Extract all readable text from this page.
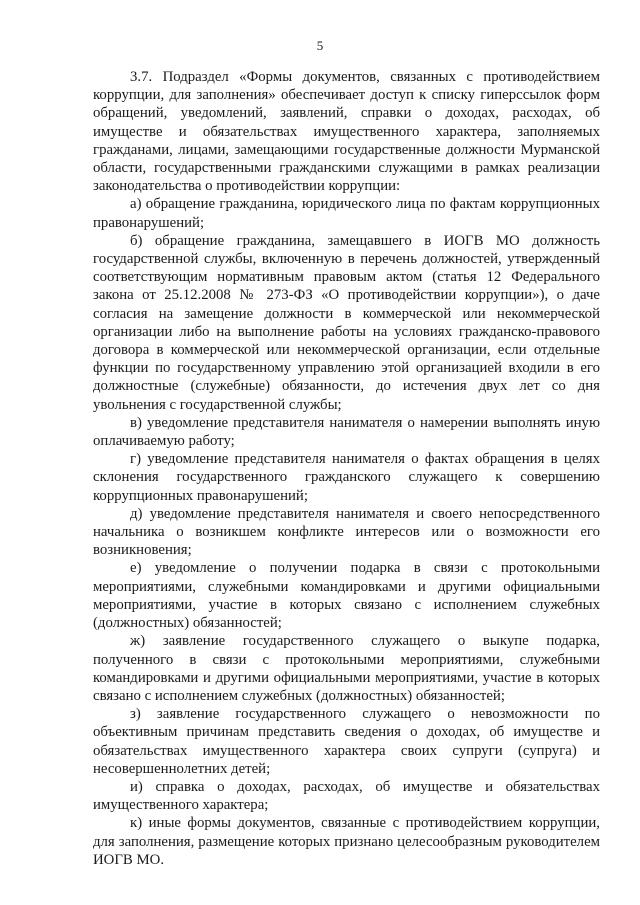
5

3.7. Подраздел «Формы документов, связанных с противодействием коррупции, для заполнения» обеспечивает доступ к списку гиперссылок форм обращений, уведомлений, заявлений, справки о доходах, расходах, об имуществе и обязательствах имущественного характера, заполняемых гражданами, лицами, замещающими государственные должности Мурманской области, государственными гражданскими служащими в рамках реализации законодательства о противодействии коррупции:

а) обращение гражданина, юридического лица по фактам коррупционных правонарушений;

б) обращение гражданина, замещавшего в ИОГВ МО должность государственной службы, включенную в перечень должностей, утвержденный соответствующим нормативным правовым актом (статья 12 Федерального закона от 25.12.2008 № 273-ФЗ «О противодействии коррупции»), о даче согласия на замещение должности в коммерческой или некоммерческой организации либо на выполнение работы на условиях гражданско-правового договора в коммерческой или некоммерческой организации, если отдельные функции по государственному управлению этой организацией входили в его должностные (служебные) обязанности, до истечения двух лет со дня увольнения с государственной службы;

в) уведомление представителя нанимателя о намерении выполнять иную оплачиваемую работу;

г) уведомление представителя нанимателя о фактах обращения в целях склонения государственного гражданского служащего к совершению коррупционных правонарушений;

д) уведомление представителя нанимателя и своего непосредственного начальника о возникшем конфликте интересов или о возможности его возникновения;

е) уведомление о получении подарка в связи с протокольными мероприятиями, служебными командировками и другими официальными мероприятиями, участие в которых связано с исполнением служебных (должностных) обязанностей;

ж) заявление государственного служащего о выкупе подарка, полученного в связи с протокольными мероприятиями, служебными командировками и другими официальными мероприятиями, участие в которых связано с исполнением служебных (должностных) обязанностей;

з) заявление государственного служащего о невозможности по объективным причинам представить сведения о доходах, об имуществе и обязательствах имущественного характера своих супруги (супруга) и несовершеннолетних детей;

и) справка о доходах, расходах, об имуществе и обязательствах имущественного характера;

к) иные формы документов, связанные с противодействием коррупции, для заполнения, размещение которых признано целесообразным руководителем ИОГВ МО.
